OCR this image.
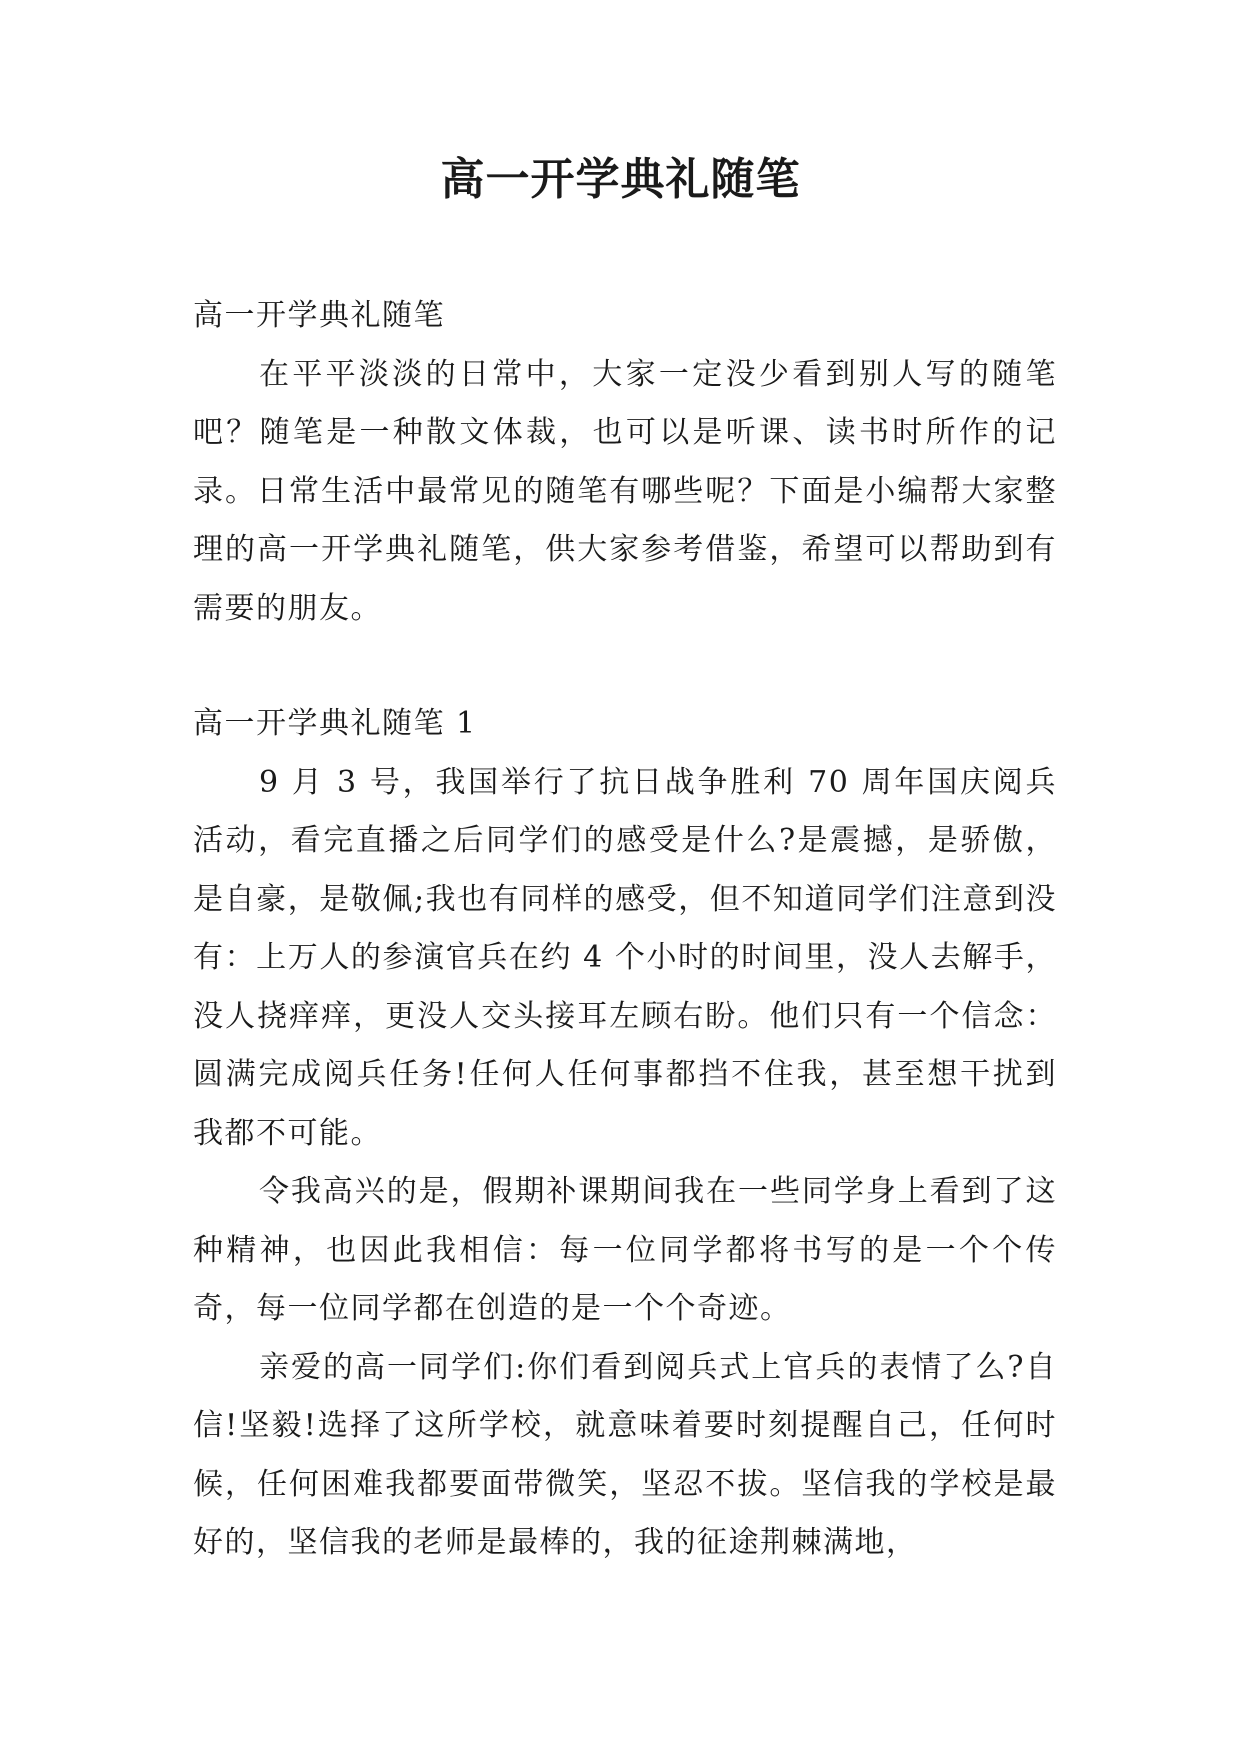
高一开学典礼随笔

高一开学典礼随笔

在平平淡淡的日常中，大家一定没少看到别人写的随笔吧？随笔是一种散文体裁，也可以是听课、读书时所作的记录。日常生活中最常见的随笔有哪些呢？下面是小编帮大家整理的高一开学典礼随笔，供大家参考借鉴，希望可以帮助到有需要的朋友。

高一开学典礼随笔 1

9 月 3 号，我国举行了抗日战争胜利 70 周年国庆阅兵活动，看完直播之后同学们的感受是什么?是震撼，是骄傲，是自豪，是敬佩;我也有同样的感受，但不知道同学们注意到没有：上万人的参演官兵在约 4 个小时的时间里，没人去解手，没人挠痒痒，更没人交头接耳左顾右盼。他们只有一个信念：圆满完成阅兵任务!任何人任何事都挡不住我，甚至想干扰到我都不可能。

令我高兴的是，假期补课期间我在一些同学身上看到了这种精神，也因此我相信：每一位同学都将书写的是一个个传奇，每一位同学都在创造的是一个个奇迹。

亲爱的高一同学们:你们看到阅兵式上官兵的表情了么?自信!坚毅!选择了这所学校，就意味着要时刻提醒自己，任何时候，任何困难我都要面带微笑，坚忍不拔。坚信我的学校是最好的，坚信我的老师是最棒的，我的征途荆棘满地，
